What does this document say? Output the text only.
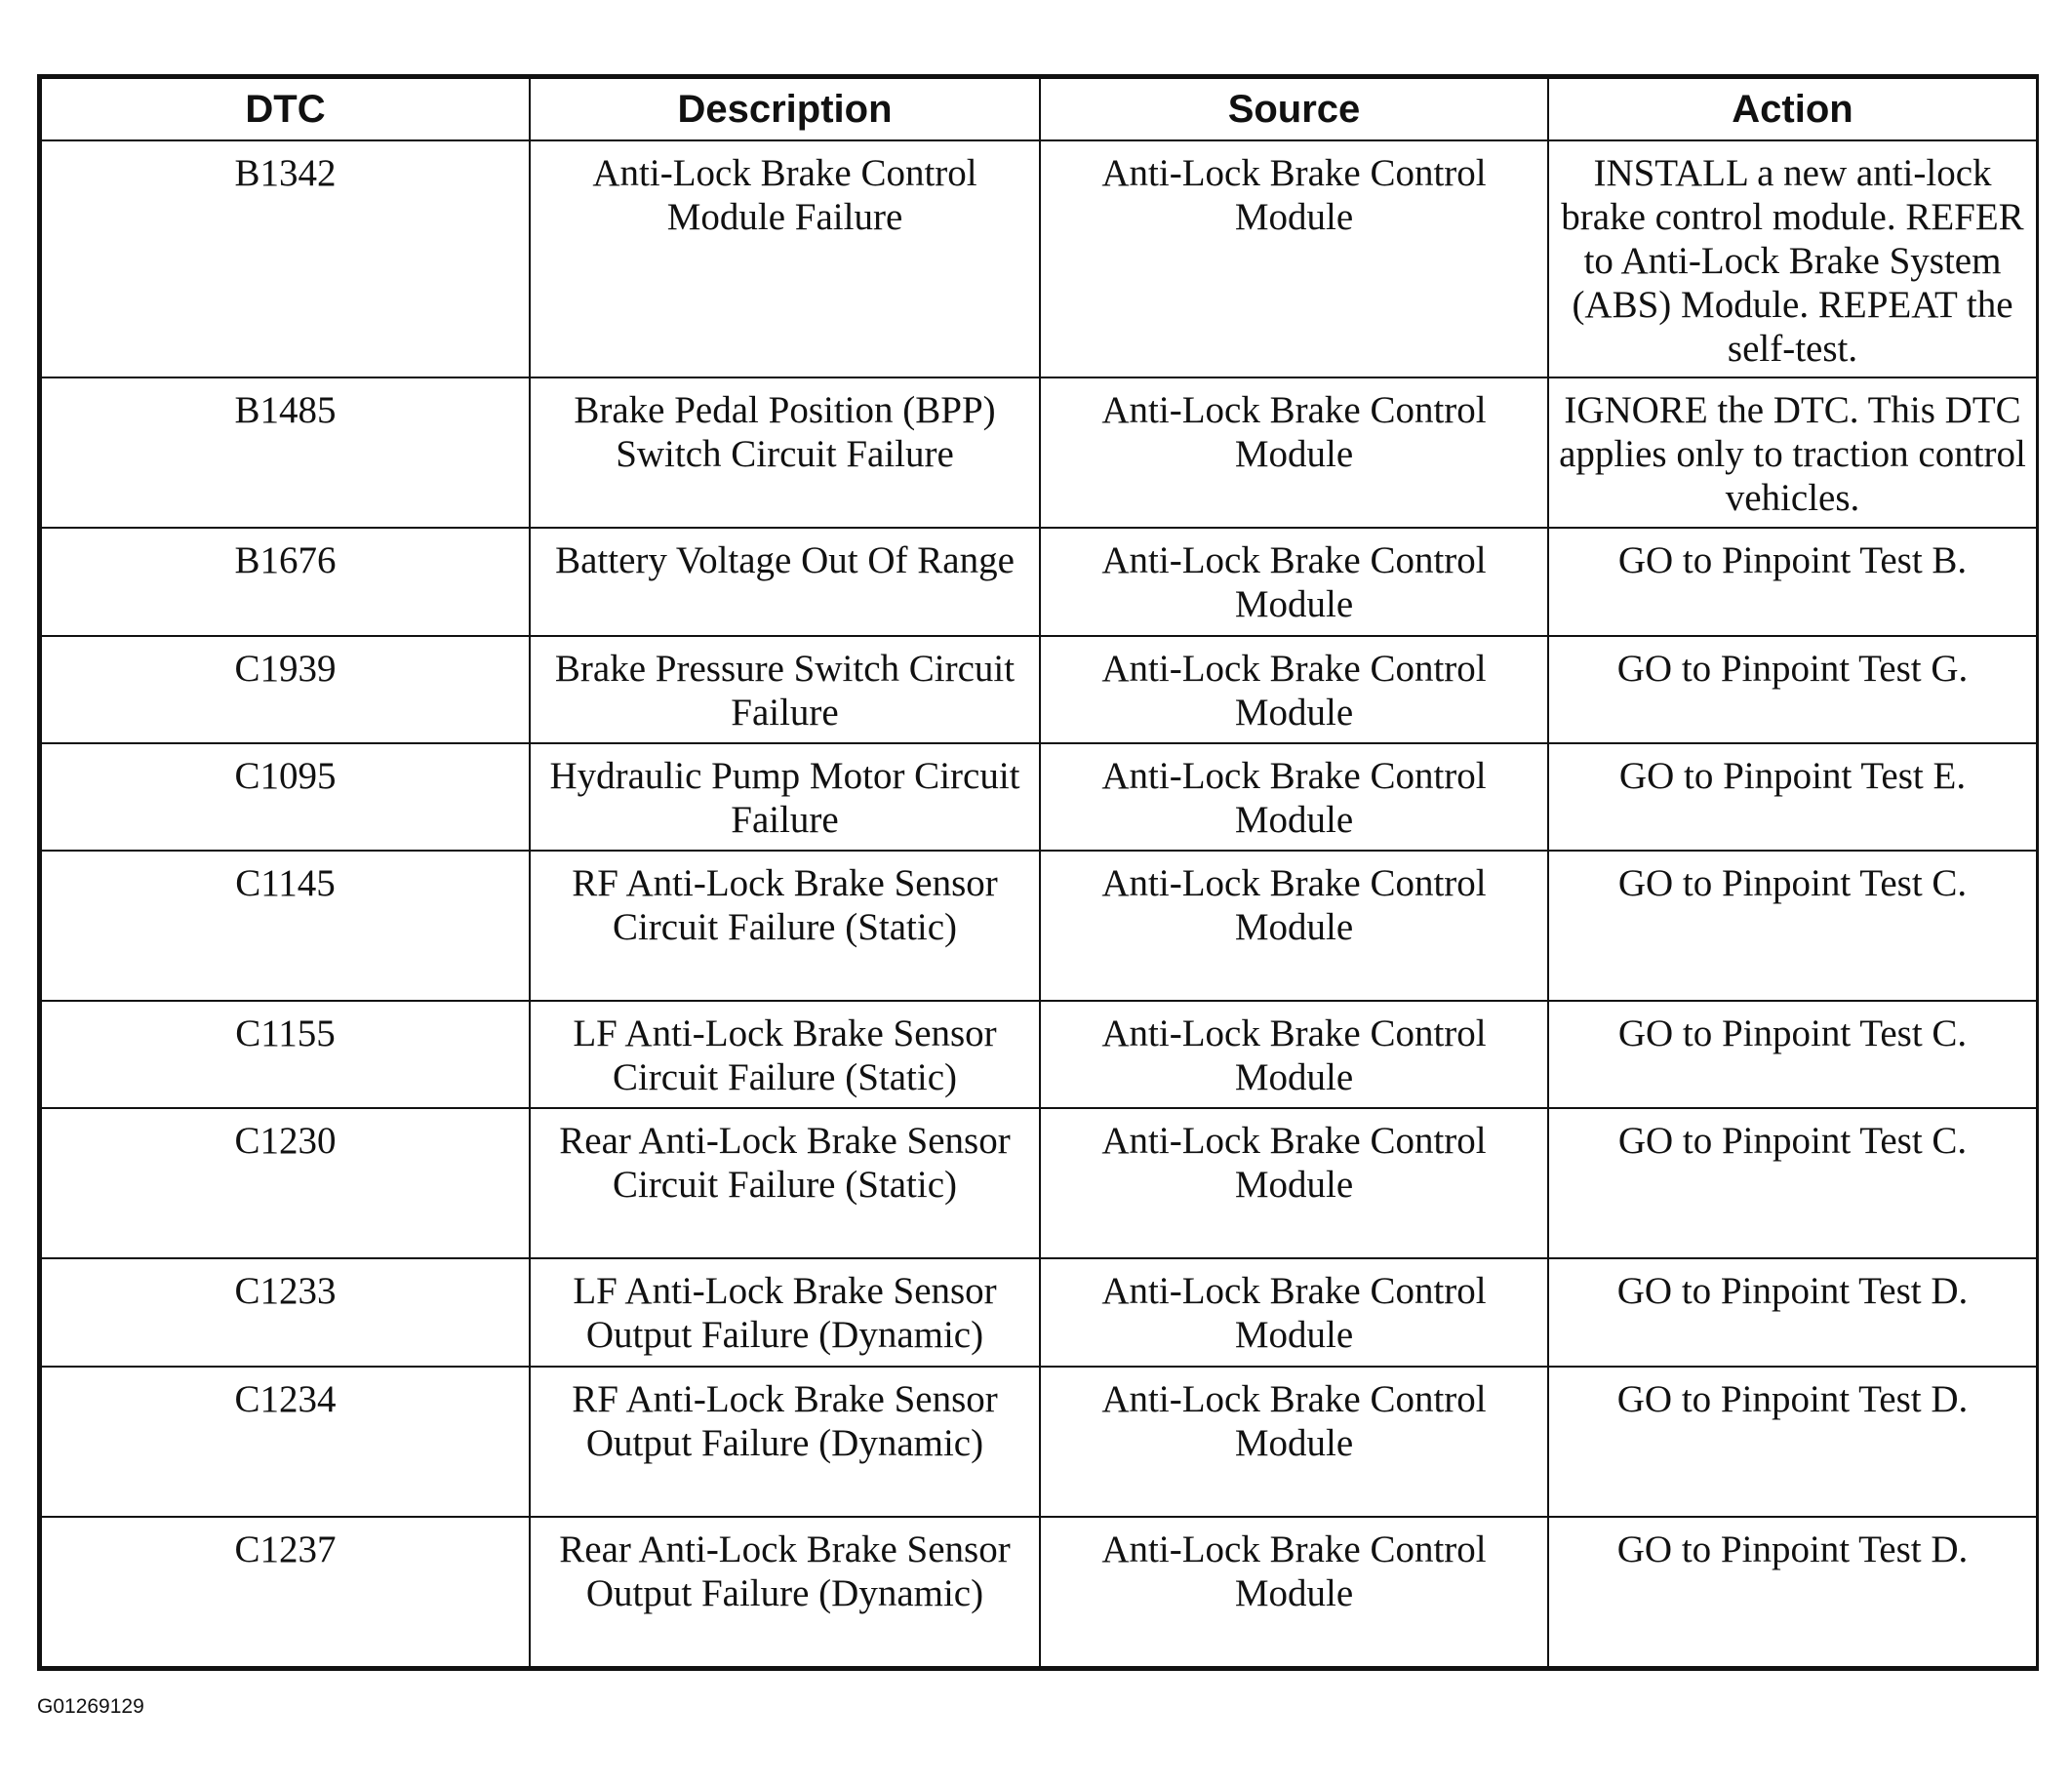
DTC	Description	Source	Action
B1342	Anti-Lock Brake Control Module Failure	Anti-Lock Brake Control Module	INSTALL a new anti-lock brake control module. REFER to Anti-Lock Brake System (ABS) Module. REPEAT the self-test.
B1485	Brake Pedal Position (BPP) Switch Circuit Failure	Anti-Lock Brake Control Module	IGNORE the DTC. This DTC applies only to traction control vehicles.
B1676	Battery Voltage Out Of Range	Anti-Lock Brake Control Module	GO to Pinpoint Test B.
C1939	Brake Pressure Switch Circuit Failure	Anti-Lock Brake Control Module	GO to Pinpoint Test G.
C1095	Hydraulic Pump Motor Circuit Failure	Anti-Lock Brake Control Module	GO to Pinpoint Test E.
C1145	RF Anti-Lock Brake Sensor Circuit Failure (Static)	Anti-Lock Brake Control Module	GO to Pinpoint Test C.
C1155	LF Anti-Lock Brake Sensor Circuit Failure (Static)	Anti-Lock Brake Control Module	GO to Pinpoint Test C.
C1230	Rear Anti-Lock Brake Sensor Circuit Failure (Static)	Anti-Lock Brake Control Module	GO to Pinpoint Test C.
C1233	LF Anti-Lock Brake Sensor Output Failure (Dynamic)	Anti-Lock Brake Control Module	GO to Pinpoint Test D.
C1234	RF Anti-Lock Brake Sensor Output Failure (Dynamic)	Anti-Lock Brake Control Module	GO to Pinpoint Test D.
C1237	Rear Anti-Lock Brake Sensor Output Failure (Dynamic)	Anti-Lock Brake Control Module	GO to Pinpoint Test D.
G01269129
